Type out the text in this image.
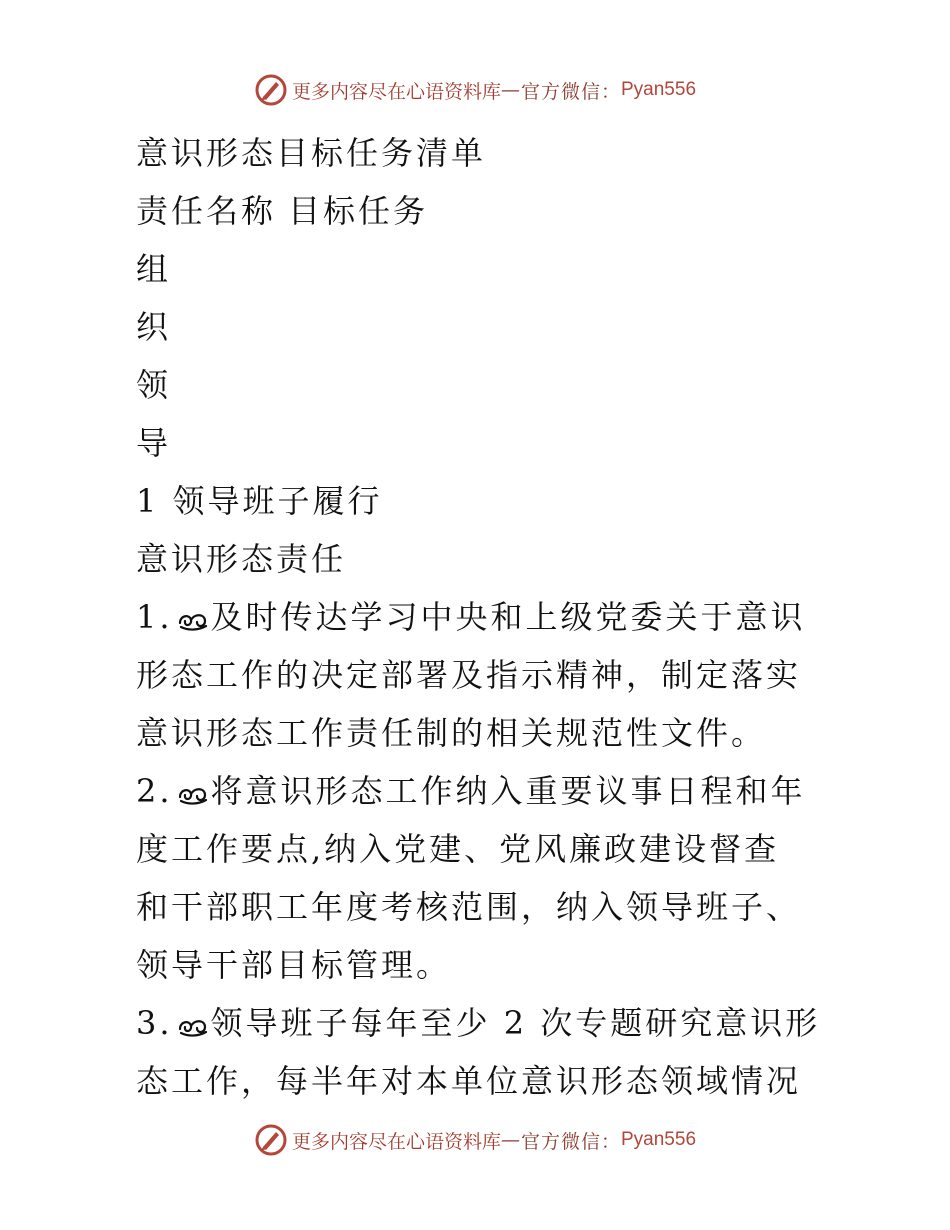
更多内容尽在心语资料库 — 官方微信： Pyan556
意识形态目标任务清单
责任名称 目标任务
组
织
领
导
1 领导班子履行
意识形态责任
1. 及时传达学习中央和上级党委关于意识
形态工作的决定部署及指示精神，制定落实
意识形态工作责任制的相关规范性文件。
2. 将意识形态工作纳入重要议事日程和年
度工作要点,纳入党建、党风廉政建设督查
和干部职工年度考核范围，纳入领导班子、
领导干部目标管理。
3. 领导班子每年至少 2 次专题研究意识形
态工作，每半年对本单位意识形态领域情况
更多内容尽在心语资料库 — 官方微信： Pyan556
